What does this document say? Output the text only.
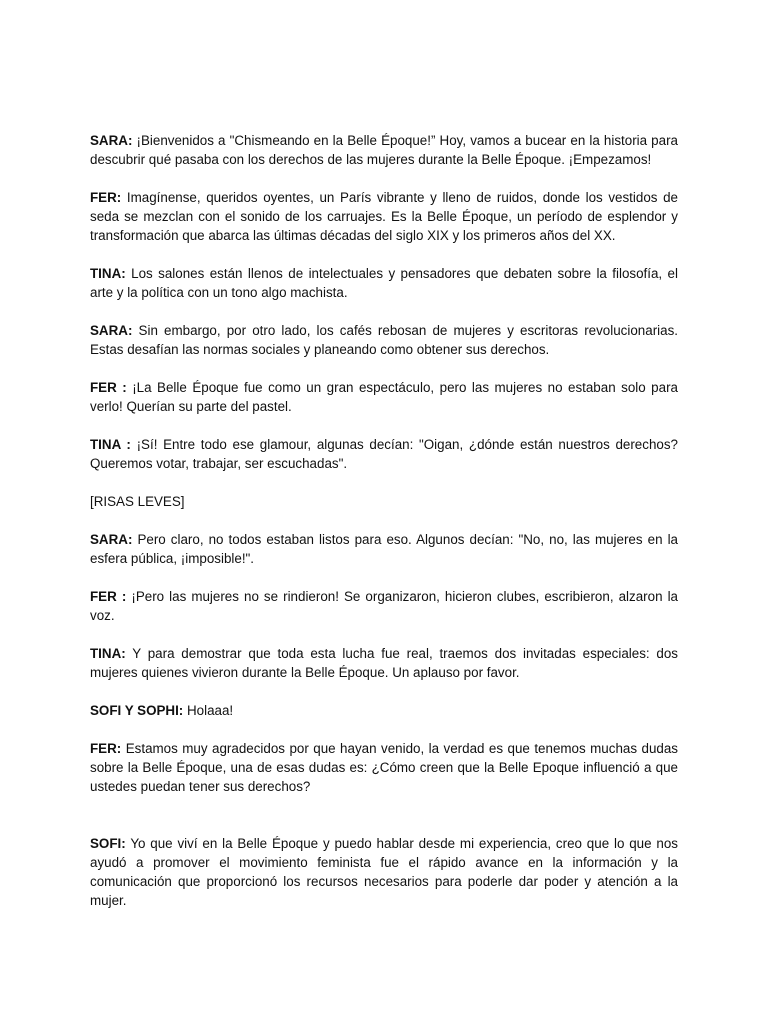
SARA: ¡Bienvenidos a "Chismeando en la Belle Époque!” Hoy, vamos a bucear en la historia para descubrir qué pasaba con los derechos de las mujeres durante la Belle Époque. ¡Empezamos!

FER: Imagínense, queridos oyentes, un París vibrante y lleno de ruidos, donde los vestidos de seda se mezclan con el sonido de los carruajes. Es la Belle Époque, un período de esplendor y transformación que abarca las últimas décadas del siglo XIX y los primeros años del XX.

TINA: Los salones están llenos de intelectuales y pensadores que debaten sobre la filosofía, el arte y la política con un tono algo machista.

SARA: Sin embargo, por otro lado, los cafés rebosan de mujeres y escritoras revolucionarias. Estas desafían las normas sociales y planeando como obtener sus derechos.

FER : ¡La Belle Époque fue como un gran espectáculo, pero las mujeres no estaban solo para verlo! Querían su parte del pastel.

TINA : ¡Sí! Entre todo ese glamour, algunas decían: "Oigan, ¿dónde están nuestros derechos? Queremos votar, trabajar, ser escuchadas".

[RISAS LEVES]

SARA: Pero claro, no todos estaban listos para eso. Algunos decían: "No, no, las mujeres en la esfera pública, ¡imposible!".

FER : ¡Pero las mujeres no se rindieron! Se organizaron, hicieron clubes, escribieron, alzaron la voz.

TINA: Y para demostrar que toda esta lucha fue real, traemos dos invitadas especiales: dos mujeres quienes vivieron durante la Belle Époque. Un aplauso por favor.

SOFI Y SOPHI: Holaaa!

FER: Estamos muy agradecidos por que hayan venido, la verdad es que tenemos muchas dudas sobre la Belle Époque, una de esas dudas es: ¿Cómo creen que la Belle Epoque influenció a que ustedes puedan tener sus derechos?

SOFI: Yo que viví en la Belle Époque y puedo hablar desde mi experiencia, creo que lo que nos ayudó a promover el movimiento feminista fue el rápido avance en la información y la comunicación que proporcionó los recursos necesarios para poderle dar poder y atención a la mujer.
